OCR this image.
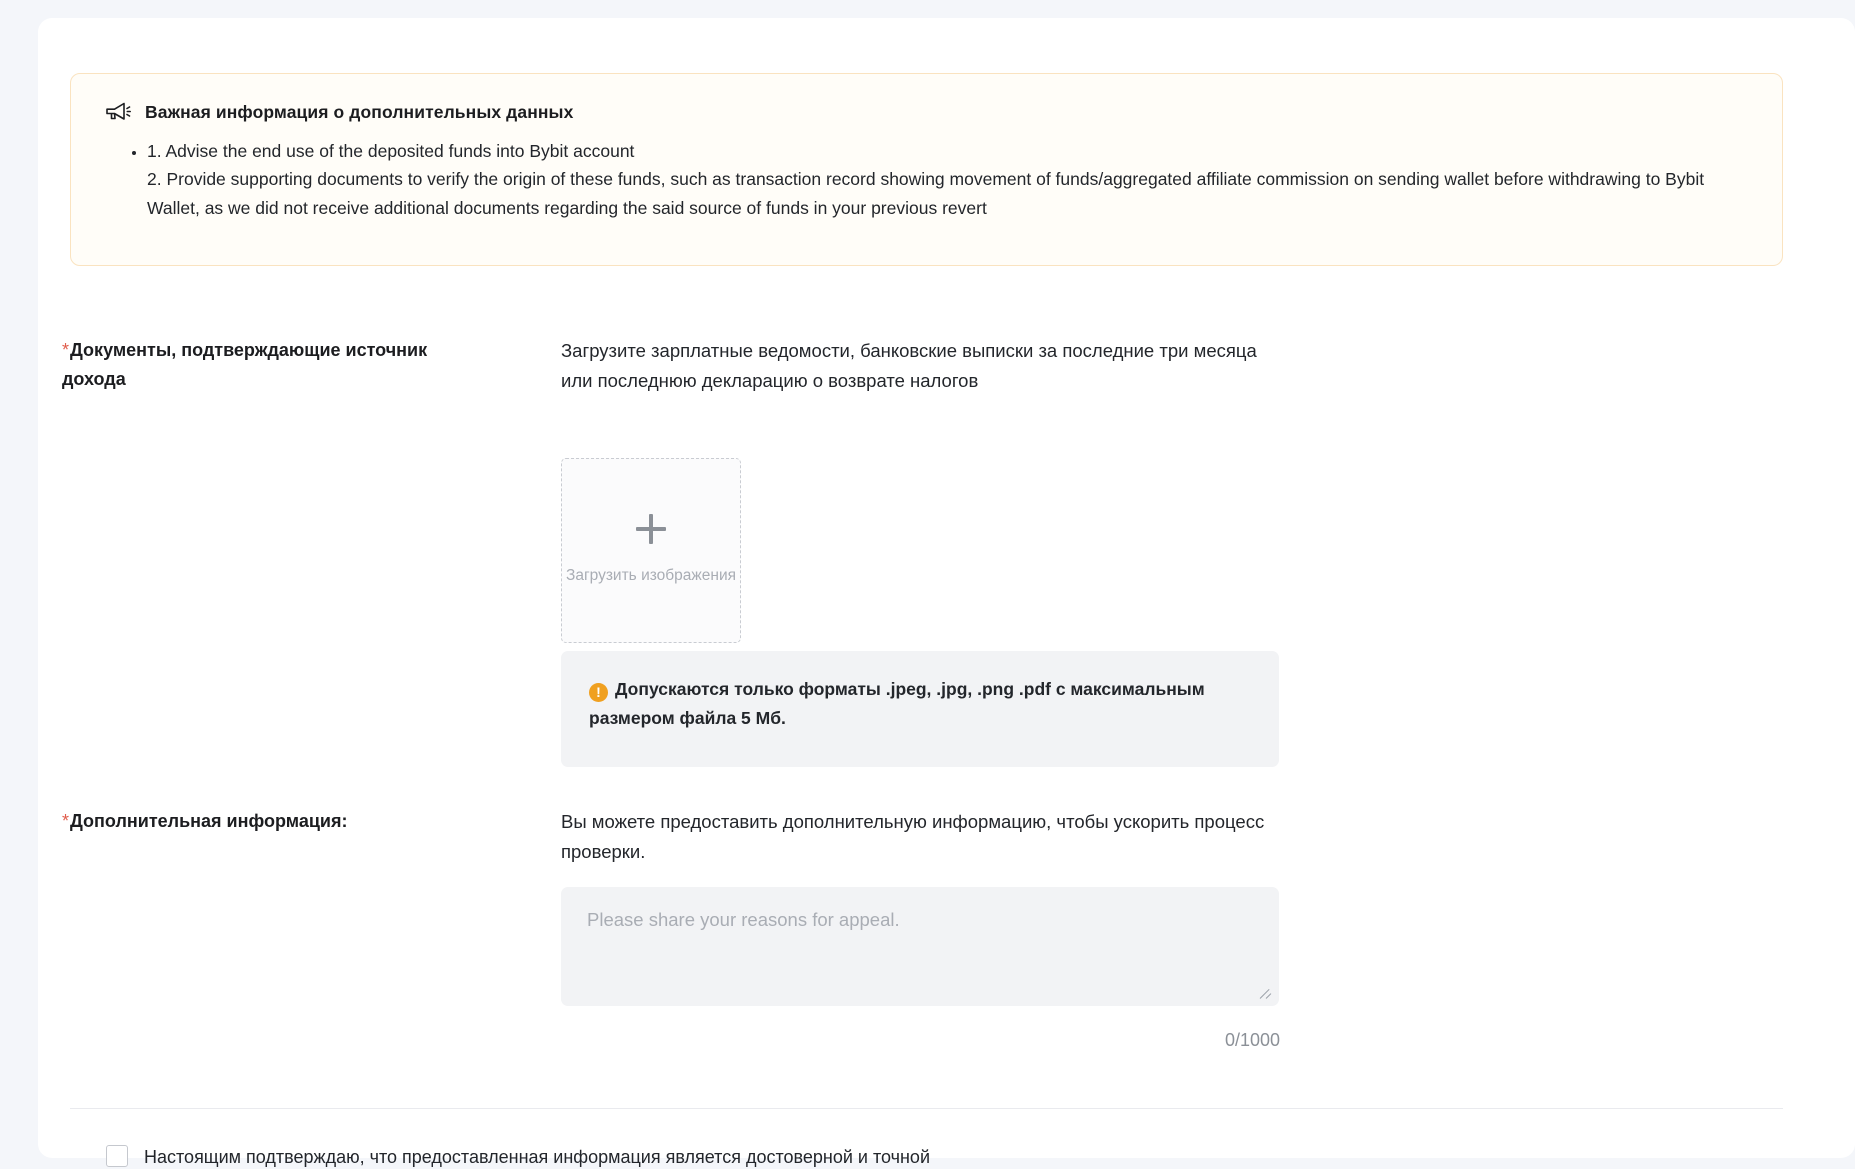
Важная информация о дополнительных данных
• 1. Advise the end use of the deposited funds into Bybit account
2. Provide supporting documents to verify the origin of these funds, such as transaction record showing movement of funds/aggregated affiliate commission on sending wallet before withdrawing to Bybit Wallet, as we did not receive additional documents regarding the said source of funds in your previous revert
*Документы, подтверждающие источник дохода
Загрузите зарплатные ведомости, банковские выписки за последние три месяца или последнюю декларацию о возврате налогов
Загрузить изображения
! Допускаются только форматы .jpeg, .jpg, .png .pdf с максимальным размером файла 5 Мб.
*Дополнительная информация:	Вы можете предоставить дополнительную информацию, чтобы ускорить процесс проверки.
Please share your reasons for appeal.
0/1000
Настоящим подтверждаю, что предоставленная информация является достоверной и точной
